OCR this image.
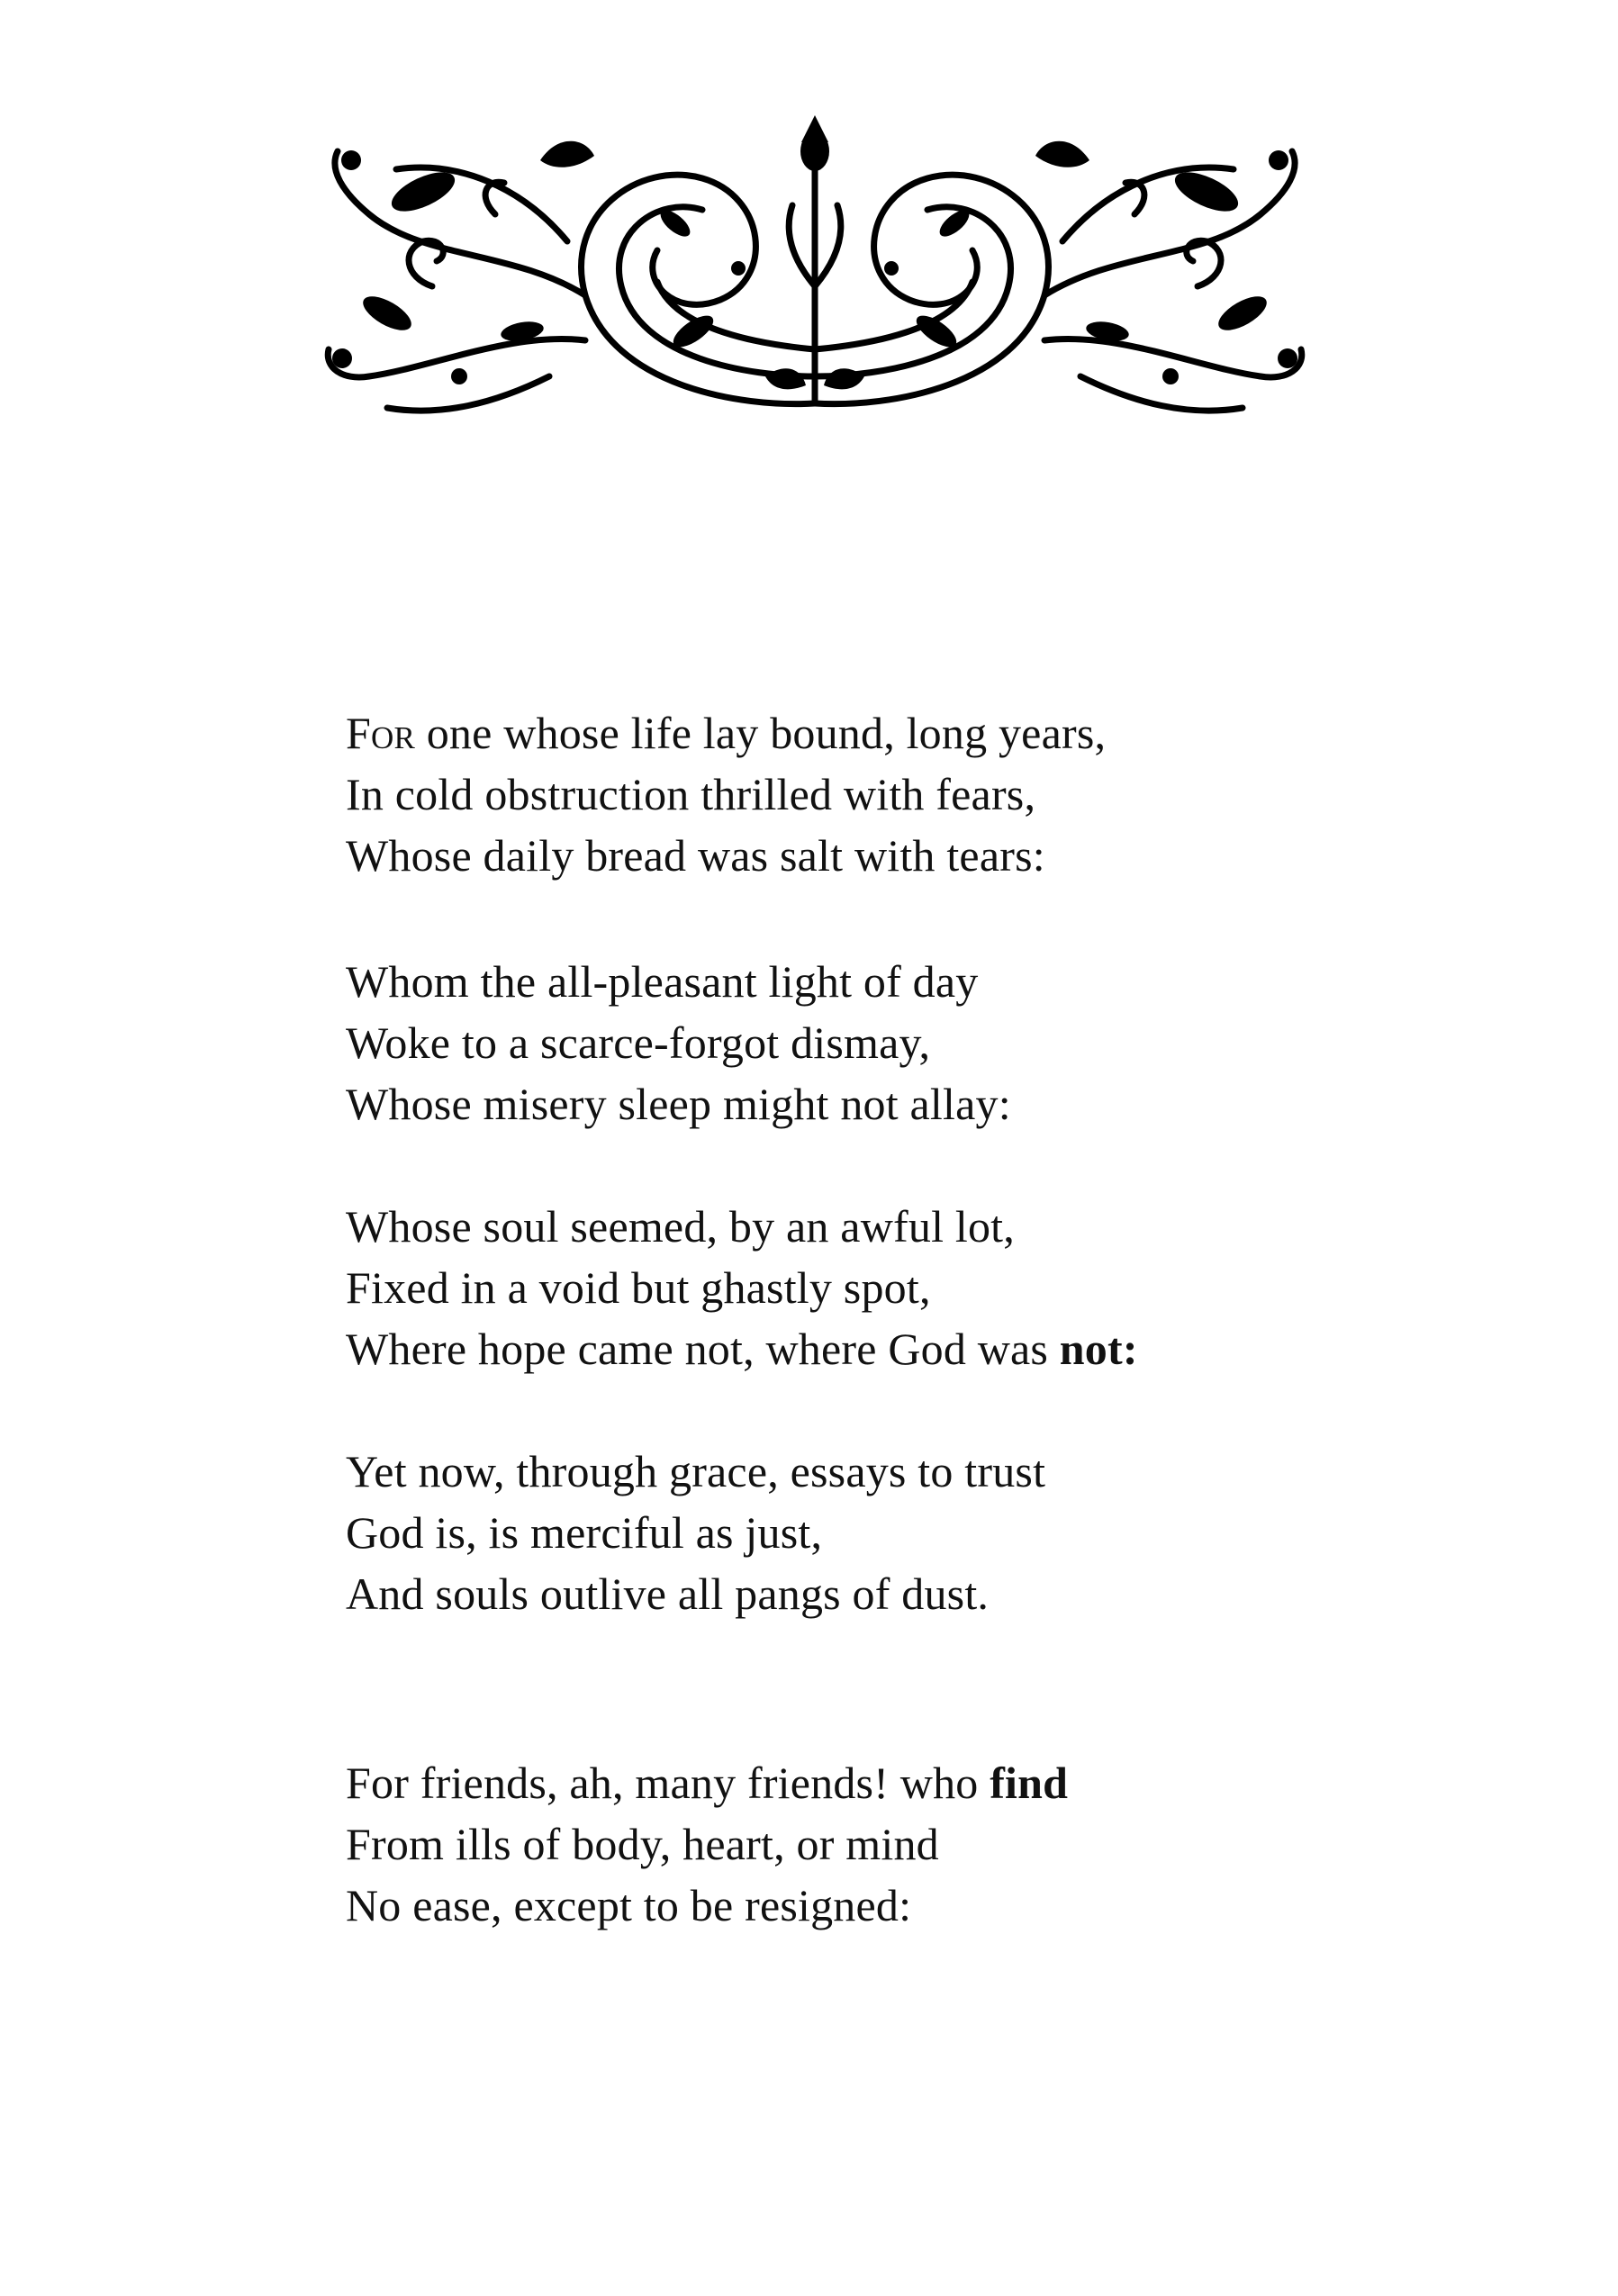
For one whose life lay bound, long years,
In cold obstruction thrilled with fears,
Whose daily bread was salt with tears:
Whom the all-pleasant light of day
Woke to a scarce-forgot dismay,
Whose misery sleep might not allay:
Whose soul seemed, by an awful lot,
Fixed in a void but ghastly spot,
Where hope came not, where God was not:
Yet now, through grace, essays to trust
God is, is merciful as just,
And souls outlive all pangs of dust.
For friends, ah, many friends! who find
From ills of body, heart, or mind
No ease, except to be resigned:
